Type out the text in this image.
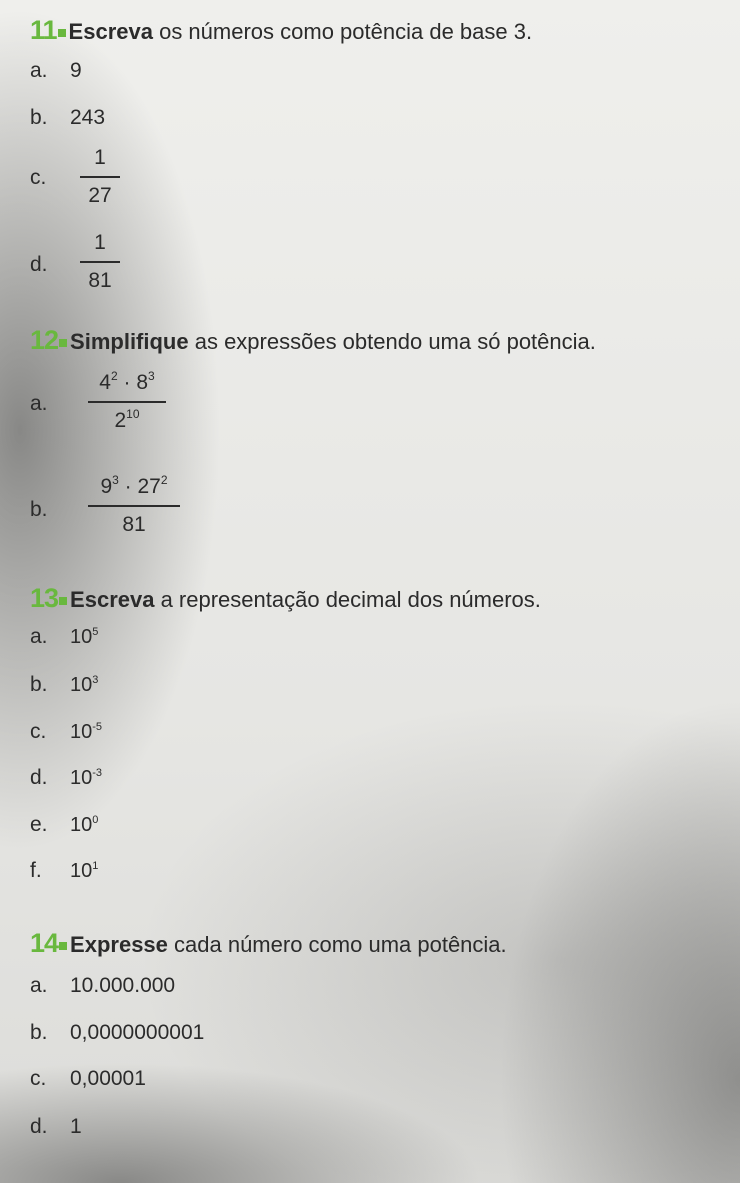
11 Escreva os números como potência de base 3.
a. 9
b. 243
c.
1
27
d.
1
81
12 Simplifique as expressões obtendo uma só potência.
a.
$4^2 \cdot 8^3$
$2^{10}$
b.
$9^3 \cdot 27^2$
81
13 Escreva a representação decimal dos números.
a. $10^5$
b. $10^3$
c. $10^{-5}$
d. $10^{-3}$
e. $10^0$
f. $10^1$
14 Expresse cada número como uma potência.
a. 10.000.000
b. 0,0000000001
c. 0,00001
d. 1
